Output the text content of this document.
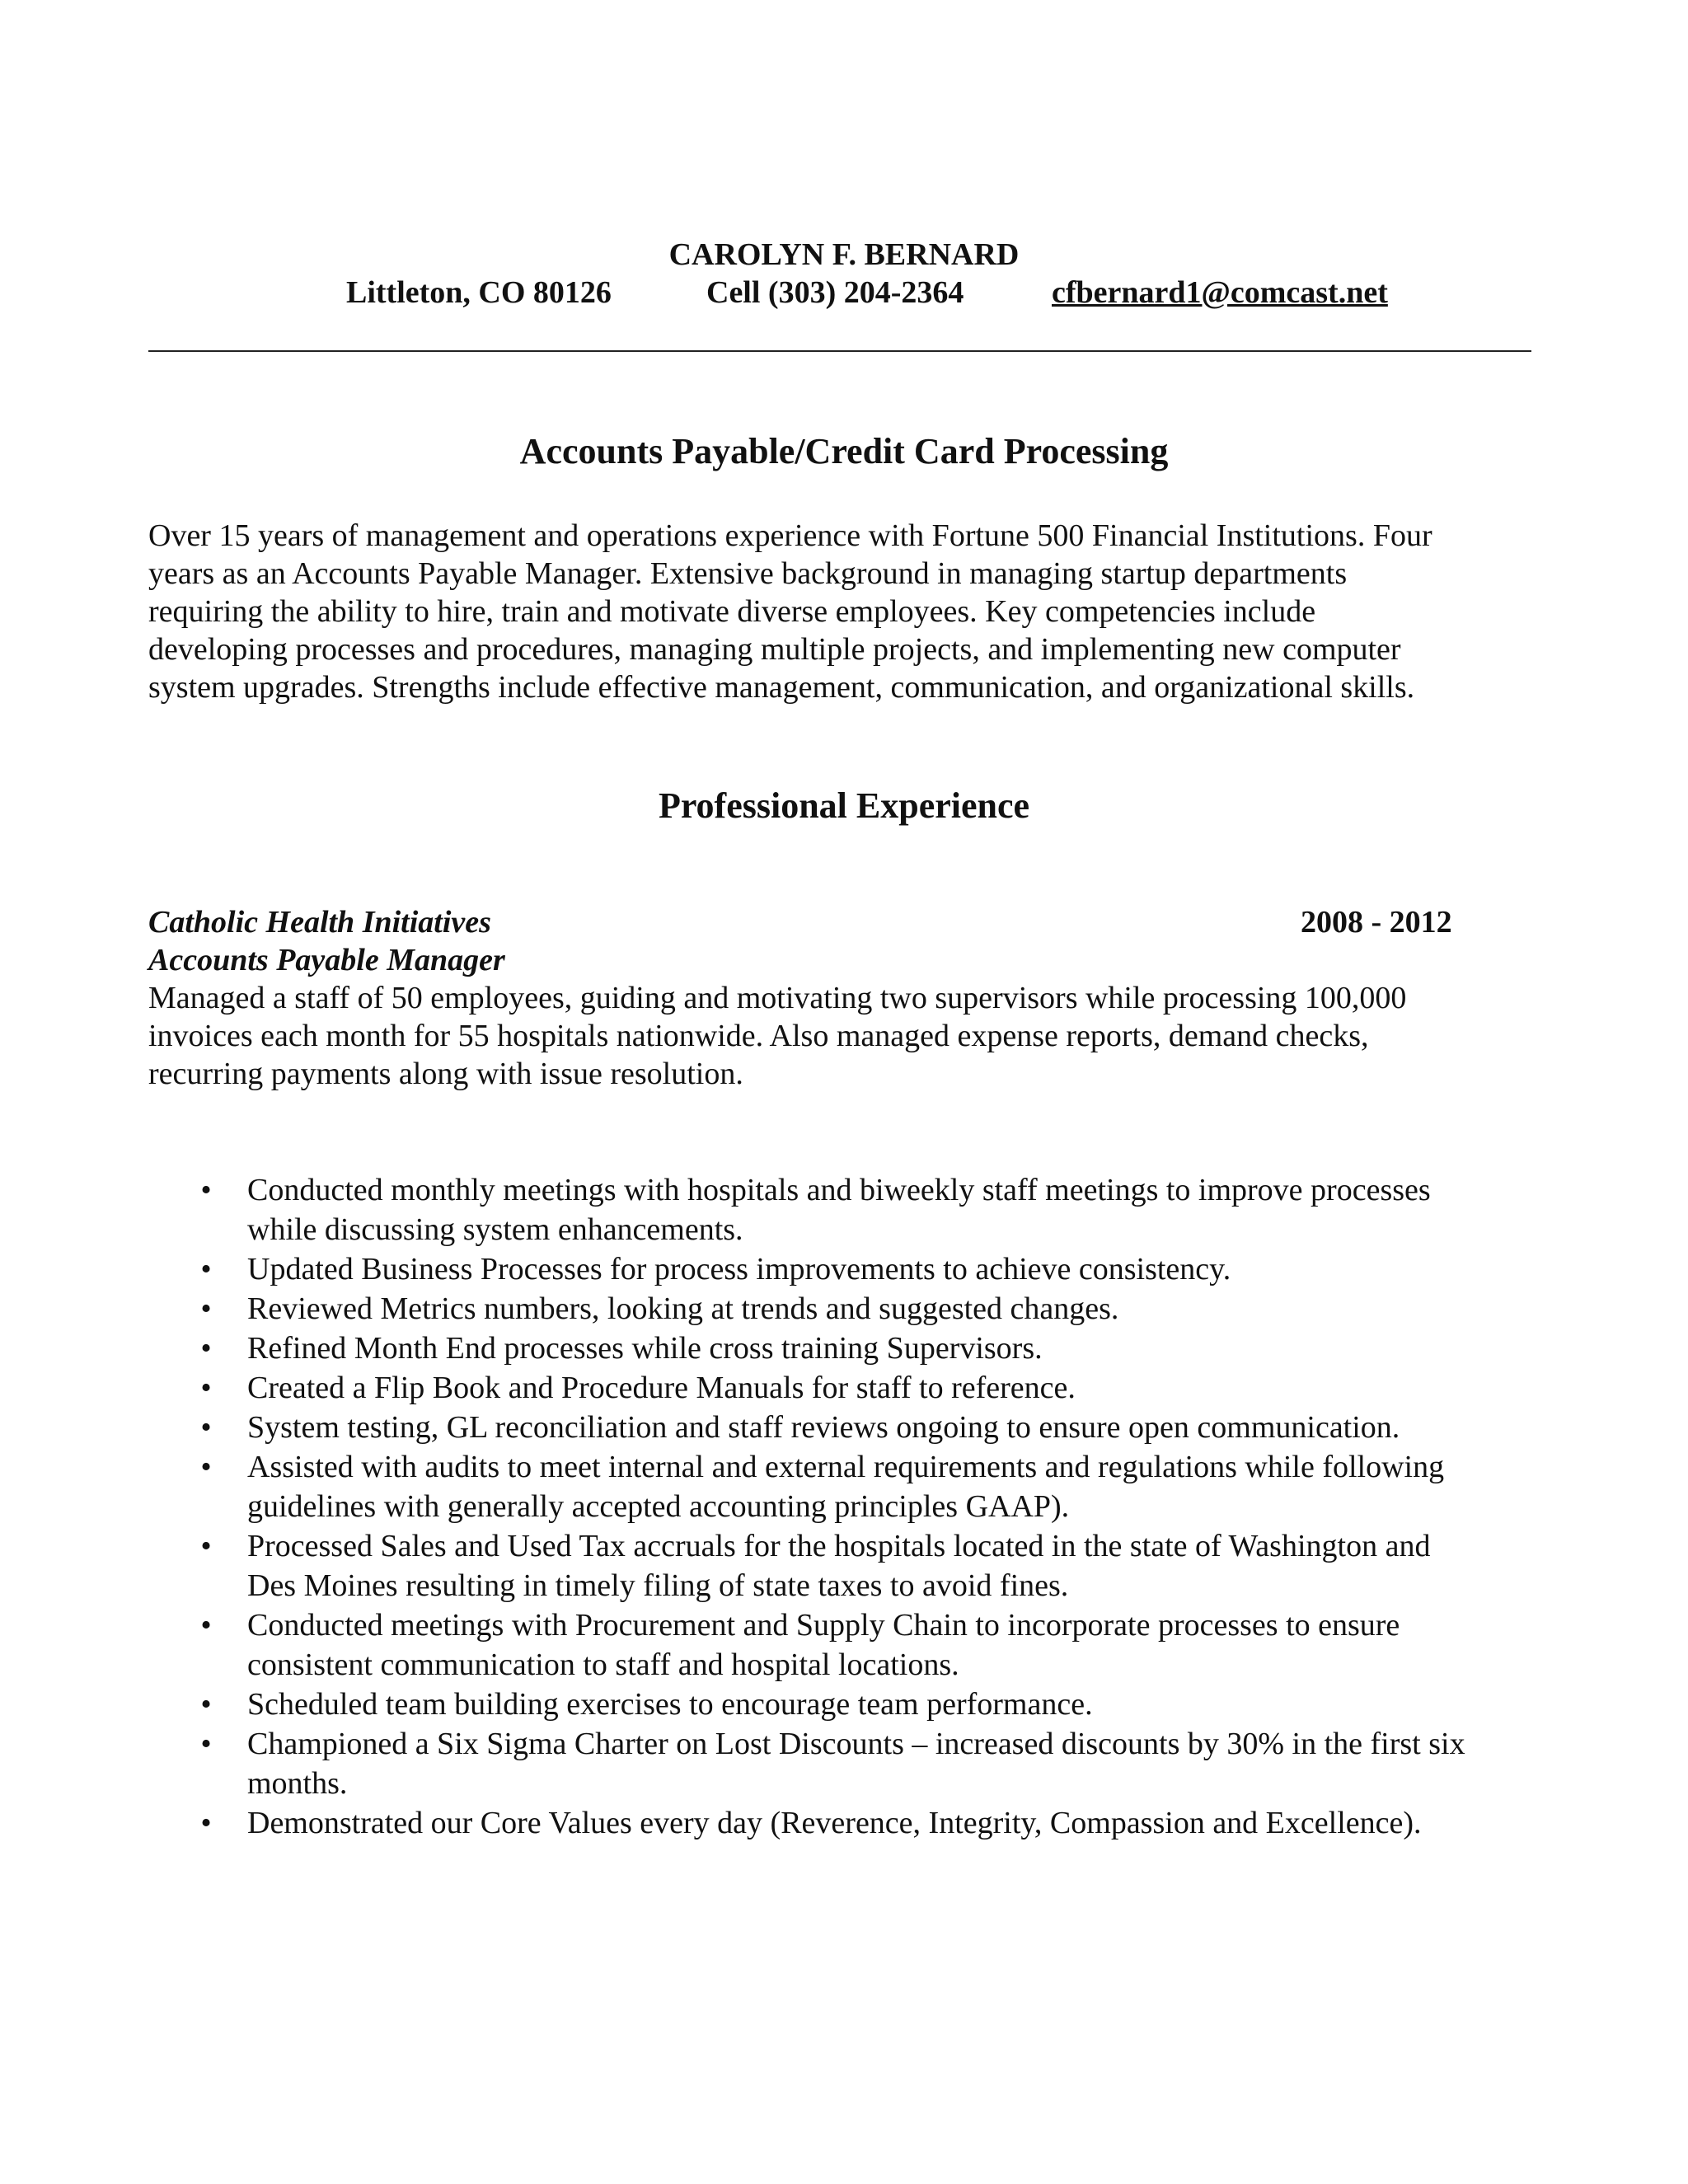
CAROLYN F. BERNARD
Littleton, CO 80126	Cell (303) 204-2364	cfbernard1@comcast.net
Accounts Payable/Credit Card Processing
Over 15 years of management and operations experience with Fortune 500 Financial Institutions. Four
years as an Accounts Payable Manager. Extensive background in managing startup departments
requiring the ability to hire, train and motivate diverse employees. Key competencies include
developing processes and procedures, managing multiple projects, and implementing new computer
system upgrades. Strengths include effective management, communication, and organizational skills.
Professional Experience
Catholic Health Initiatives	2008 - 2012
Accounts Payable Manager
Managed a staff of 50 employees, guiding and motivating two supervisors while processing 100,000
invoices each month for 55 hospitals nationwide. Also managed expense reports, demand checks,
recurring payments along with issue resolution.
• Conducted monthly meetings with hospitals and biweekly staff meetings to improve processes
while discussing system enhancements.
• Updated Business Processes for process improvements to achieve consistency.
• Reviewed Metrics numbers, looking at trends and suggested changes.
• Refined Month End processes while cross training Supervisors.
• Created a Flip Book and Procedure Manuals for staff to reference.
• System testing, GL reconciliation and staff reviews ongoing to ensure open communication.
• Assisted with audits to meet internal and external requirements and regulations while following
guidelines with generally accepted accounting principles GAAP).
• Processed Sales and Used Tax accruals for the hospitals located in the state of Washington and
Des Moines resulting in timely filing of state taxes to avoid fines.
• Conducted meetings with Procurement and Supply Chain to incorporate processes to ensure
consistent communication to staff and hospital locations.
• Scheduled team building exercises to encourage team performance.
• Championed a Six Sigma Charter on Lost Discounts – increased discounts by 30% in the first six
months.
• Demonstrated our Core Values every day (Reverence, Integrity, Compassion and Excellence).
